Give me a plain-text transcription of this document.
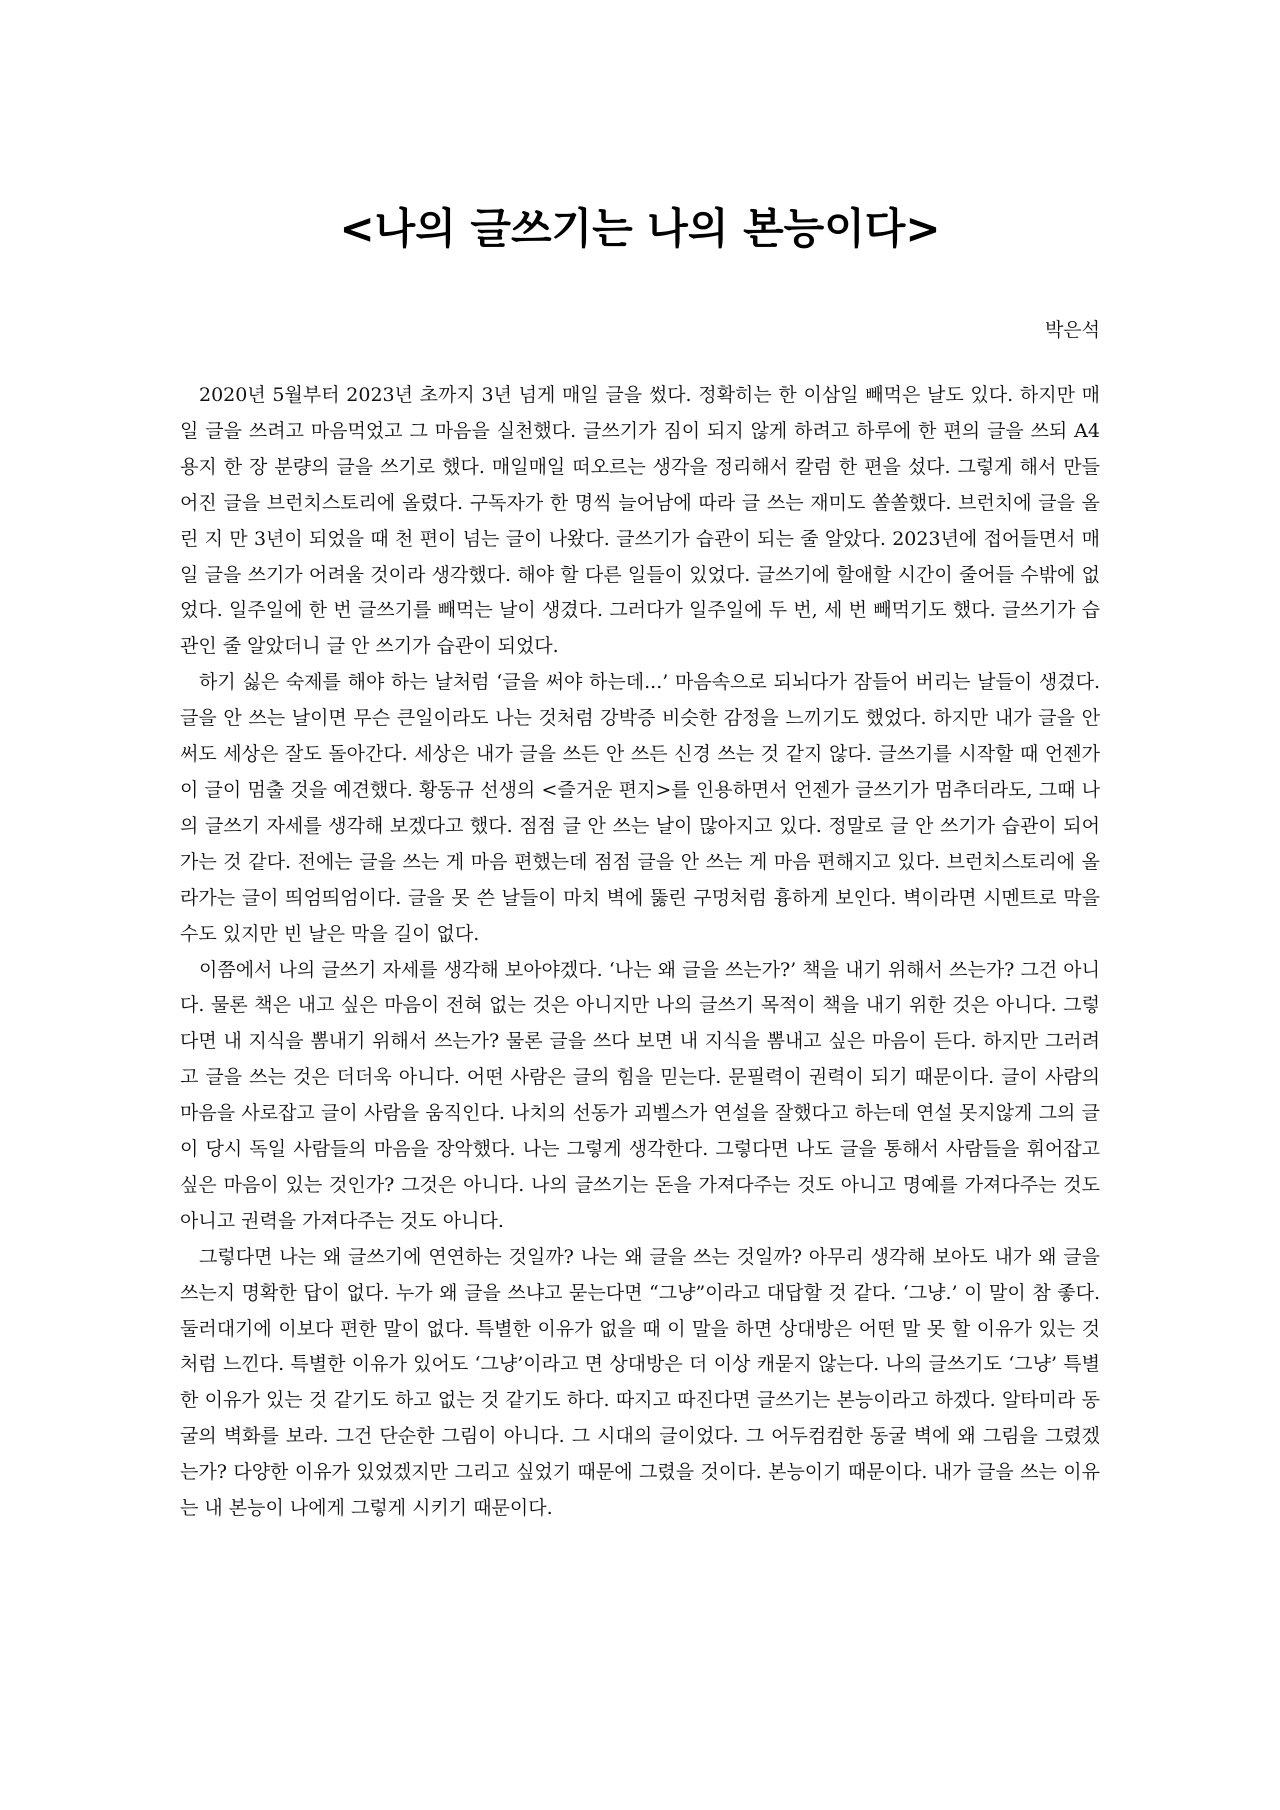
<나의 글쓰기는 나의 본능이다>

박은석

2020년 5월부터 2023년 초까지 3년 넘게 매일 글을 썼다. 정확히는 한 이삼일 빼먹은 날도 있다. 하지만 매일 글을 쓰려고 마음먹었고 그 마음을 실천했다. 글쓰기가 짐이 되지 않게 하려고 하루에 한 편의 글을 쓰되 A4용지 한 장 분량의 글을 쓰기로 했다. 매일매일 떠오르는 생각을 정리해서 칼럼 한 편을 섰다. 그렇게 해서 만들어진 글을 브런치스토리에 올렸다. 구독자가 한 명씩 늘어남에 따라 글 쓰는 재미도 쏠쏠했다. 브런치에 글을 올린 지 만 3년이 되었을 때 천 편이 넘는 글이 나왔다. 글쓰기가 습관이 되는 줄 알았다. 2023년에 접어들면서 매일 글을 쓰기가 어려울 것이라 생각했다. 해야 할 다른 일들이 있었다. 글쓰기에 할애할 시간이 줄어들 수밖에 없었다. 일주일에 한 번 글쓰기를 빼먹는 날이 생겼다. 그러다가 일주일에 두 번, 세 번 빼먹기도 했다. 글쓰기가 습관인 줄 알았더니 글 안 쓰기가 습관이 되었다.

하기 싫은 숙제를 해야 하는 날처럼 ‘글을 써야 하는데...’ 마음속으로 되뇌다가 잠들어 버리는 날들이 생겼다. 글을 안 쓰는 날이면 무슨 큰일이라도 나는 것처럼 강박증 비슷한 감정을 느끼기도 했었다. 하지만 내가 글을 안 써도 세상은 잘도 돌아간다. 세상은 내가 글을 쓰든 안 쓰든 신경 쓰는 것 같지 않다. 글쓰기를 시작할 때 언젠가 이 글이 멈출 것을 예견했다. 황동규 선생의 <즐거운 편지>를 인용하면서 언젠가 글쓰기가 멈추더라도, 그때 나의 글쓰기 자세를 생각해 보겠다고 했다. 점점 글 안 쓰는 날이 많아지고 있다. 정말로 글 안 쓰기가 습관이 되어가는 것 같다. 전에는 글을 쓰는 게 마음 편했는데 점점 글을 안 쓰는 게 마음 편해지고 있다. 브런치스토리에 올라가는 글이 띄엄띄엄이다. 글을 못 쓴 날들이 마치 벽에 뚫린 구멍처럼 흉하게 보인다. 벽이라면 시멘트로 막을 수도 있지만 빈 날은 막을 길이 없다.

이쯤에서 나의 글쓰기 자세를 생각해 보아야겠다. ‘나는 왜 글을 쓰는가?’ 책을 내기 위해서 쓰는가? 그건 아니다. 물론 책은 내고 싶은 마음이 전혀 없는 것은 아니지만 나의 글쓰기 목적이 책을 내기 위한 것은 아니다. 그렇다면 내 지식을 뽐내기 위해서 쓰는가? 물론 글을 쓰다 보면 내 지식을 뽐내고 싶은 마음이 든다. 하지만 그러려고 글을 쓰는 것은 더더욱 아니다. 어떤 사람은 글의 힘을 믿는다. 문필력이 권력이 되기 때문이다. 글이 사람의 마음을 사로잡고 글이 사람을 움직인다. 나치의 선동가 괴벨스가 연설을 잘했다고 하는데 연설 못지않게 그의 글이 당시 독일 사람들의 마음을 장악했다. 나는 그렇게 생각한다. 그렇다면 나도 글을 통해서 사람들을 휘어잡고 싶은 마음이 있는 것인가? 그것은 아니다. 나의 글쓰기는 돈을 가져다주는 것도 아니고 명예를 가져다주는 것도 아니고 권력을 가져다주는 것도 아니다.

그렇다면 나는 왜 글쓰기에 연연하는 것일까? 나는 왜 글을 쓰는 것일까? 아무리 생각해 보아도 내가 왜 글을 쓰는지 명확한 답이 없다. 누가 왜 글을 쓰냐고 묻는다면 “그냥”이라고 대답할 것 같다. ‘그냥.’ 이 말이 참 좋다. 둘러대기에 이보다 편한 말이 없다. 특별한 이유가 없을 때 이 말을 하면 상대방은 어떤 말 못 할 이유가 있는 것처럼 느낀다. 특별한 이유가 있어도 ‘그냥’이라고 면 상대방은 더 이상 캐묻지 않는다. 나의 글쓰기도 ‘그냥’ 특별한 이유가 있는 것 같기도 하고 없는 것 같기도 하다. 따지고 따진다면 글쓰기는 본능이라고 하겠다. 알타미라 동굴의 벽화를 보라. 그건 단순한 그림이 아니다. 그 시대의 글이었다. 그 어두컴컴한 동굴 벽에 왜 그림을 그렸겠는가? 다양한 이유가 있었겠지만 그리고 싶었기 때문에 그렸을 것이다. 본능이기 때문이다. 내가 글을 쓰는 이유는 내 본능이 나에게 그렇게 시키기 때문이다.
